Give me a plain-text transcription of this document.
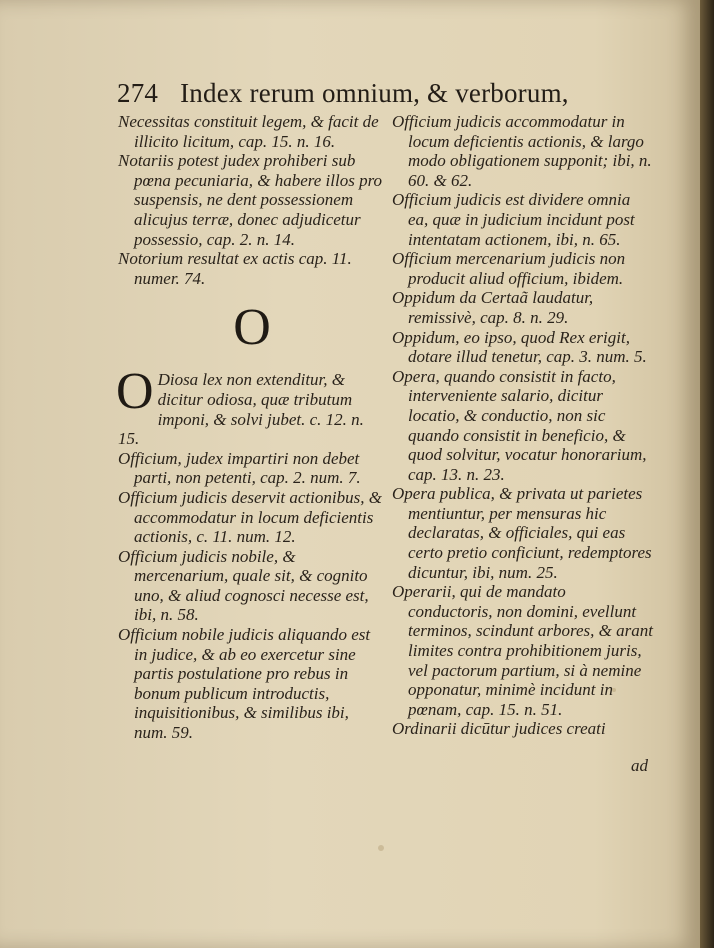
274 Index rerum omnium, & verborum,

Necessitas constituit legem, & facit de illicito licitum, cap. 15. n. 16.

Notariis potest judex prohiberi sub pœna pecuniaria, & habere illos pro suspensis, ne dent possessionem alicujus terræ, donec adjudicetur possessio, cap. 2. n. 14.

Notorium resultat ex actis cap. 11. numer. 74.

O

O Diosa lex non extenditur, & dicitur odiosa, quæ tributum imponi, & solvi jubet. c. 12. n. 15.

Officium, judex impartiri non debet parti, non petenti, cap. 2. num. 7.

Officium judicis deservit actionibus, & accommodatur in locum deficientis actionis, c. 11. num. 12.

Officium judicis nobile, & mercenarium, quale sit, & cognito uno, & aliud cognosci necesse est, ibi, n. 58.

Officium nobile judicis aliquando est in judice, & ab eo exercetur sine partis postulatione pro rebus in bonum publicum introductis, inquisitionibus, & similibus ibi, num. 59.

Officium judicis accommodatur in locum deficientis actionis, & largo modo obligationem supponit; ibi, n. 60. & 62.

Officium judicis est dividere omnia ea, quæ in judicium incidunt post intentatam actionem, ibi, n. 65.

Officium mercenarium judicis non producit aliud officium, ibidem.

Oppidum da Certaã laudatur, remissivè, cap. 8. n. 29.

Oppidum, eo ipso, quod Rex erigit, dotare illud tenetur, cap. 3. num. 5.

Opera, quando consistit in facto, interveniente salario, dicitur locatio, & conductio, non sic quando consistit in beneficio, & quod solvitur, vocatur honorarium, cap. 13. n. 23.

Opera publica, & privata ut parietes mentiuntur, per mensuras hic declaratas, & officiales, qui eas certo pretio conficiunt, redemptores dicuntur, ibi, num. 25.

Operarii, qui de mandato conductoris, non domini, evellunt terminos, scindunt arbores, & arant limites contra prohibitionem juris, vel pactorum partium, si à nemine opponatur, minimè incidunt in pœnam, cap. 15. n. 51.

Ordinarii dicūtur judices creati

ad
